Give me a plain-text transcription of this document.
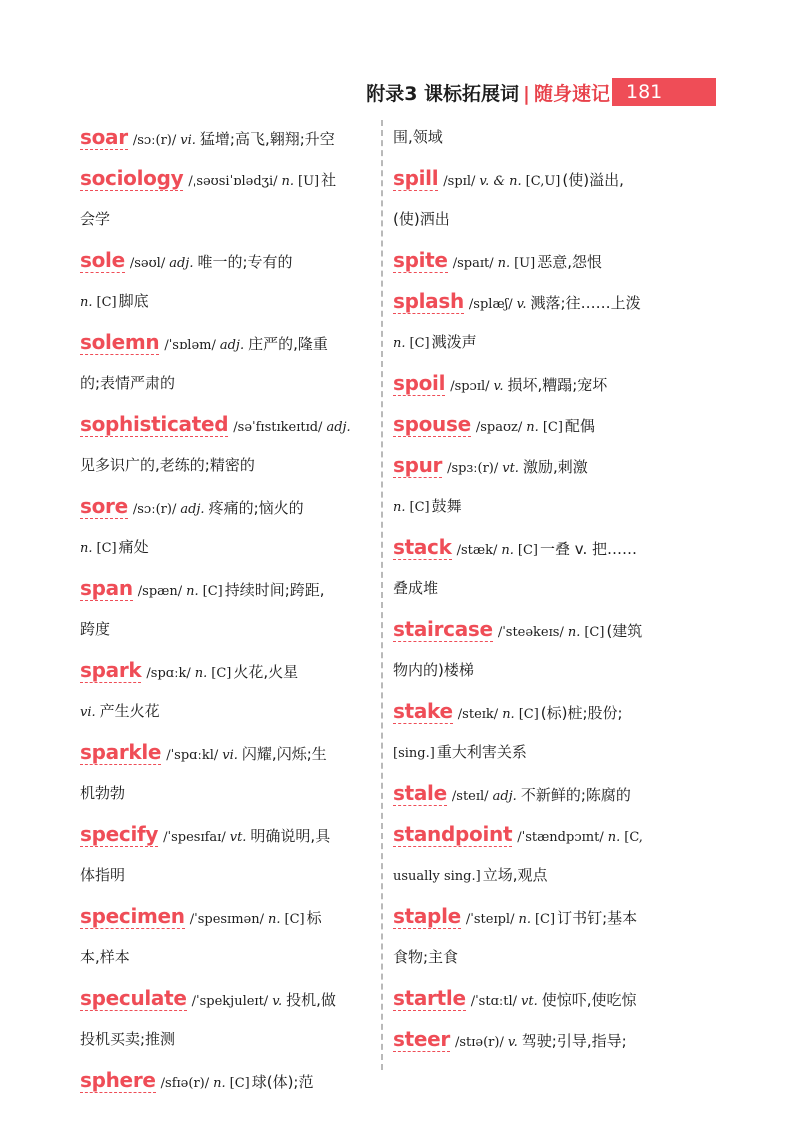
附录3 课标拓展词 | 随身速记 181
soar /sɔː(r)/ vi. 猛增;高飞,翱翔;升空
sociology /ˌsəʊsiˈɒlədʒi/ n. [U] 社
会学
sole /səʊl/ adj. 唯一的;专有的
n. [C] 脚底
solemn /ˈsɒləm/ adj. 庄严的,隆重
的;表情严肃的
sophisticated /səˈfɪstɪkeɪtɪd/ adj.
见多识广的,老练的;精密的
sore /sɔː(r)/ adj. 疼痛的;恼火的
n. [C] 痛处
span /spæn/ n. [C] 持续时间;跨距,
跨度
spark /spɑːk/ n. [C] 火花,火星
vi. 产生火花
sparkle /ˈspɑːkl/ vi. 闪耀,闪烁;生
机勃勃
specify /ˈspesɪfaɪ/ vt. 明确说明,具
体指明
specimen /ˈspesɪmən/ n. [C] 标
本,样本
speculate /ˈspekjuleɪt/ v. 投机,做
投机买卖;推测
sphere /sfɪə(r)/ n. [C] 球(体);范
围,领域
spill /spɪl/ v. & n. [C,U] (使)溢出,
(使)洒出
spite /spaɪt/ n. [U] 恶意,怨恨
splash /splæʃ/ v. 溅落;往……上泼
n. [C] 溅泼声
spoil /spɔɪl/ v. 损坏,糟蹋;宠坏
spouse /spaʊz/ n. [C] 配偶
spur /spɜː(r)/ vt. 激励,刺激
n. [C] 鼓舞
stack /stæk/ n. [C] 一叠 v. 把……
叠成堆
staircase /ˈsteəkeɪs/ n. [C] (建筑
物内的)楼梯
stake /steɪk/ n. [C] (标)桩;股份;
[sing.] 重大利害关系
stale /steɪl/ adj. 不新鲜的;陈腐的
standpoint /ˈstændpɔɪnt/ n. [C,
usually sing.] 立场,观点
staple /ˈsteɪpl/ n. [C] 订书钉;基本
食物;主食
startle /ˈstɑːtl/ vt. 使惊吓,使吃惊
steer /stɪə(r)/ v. 驾驶;引导,指导;
